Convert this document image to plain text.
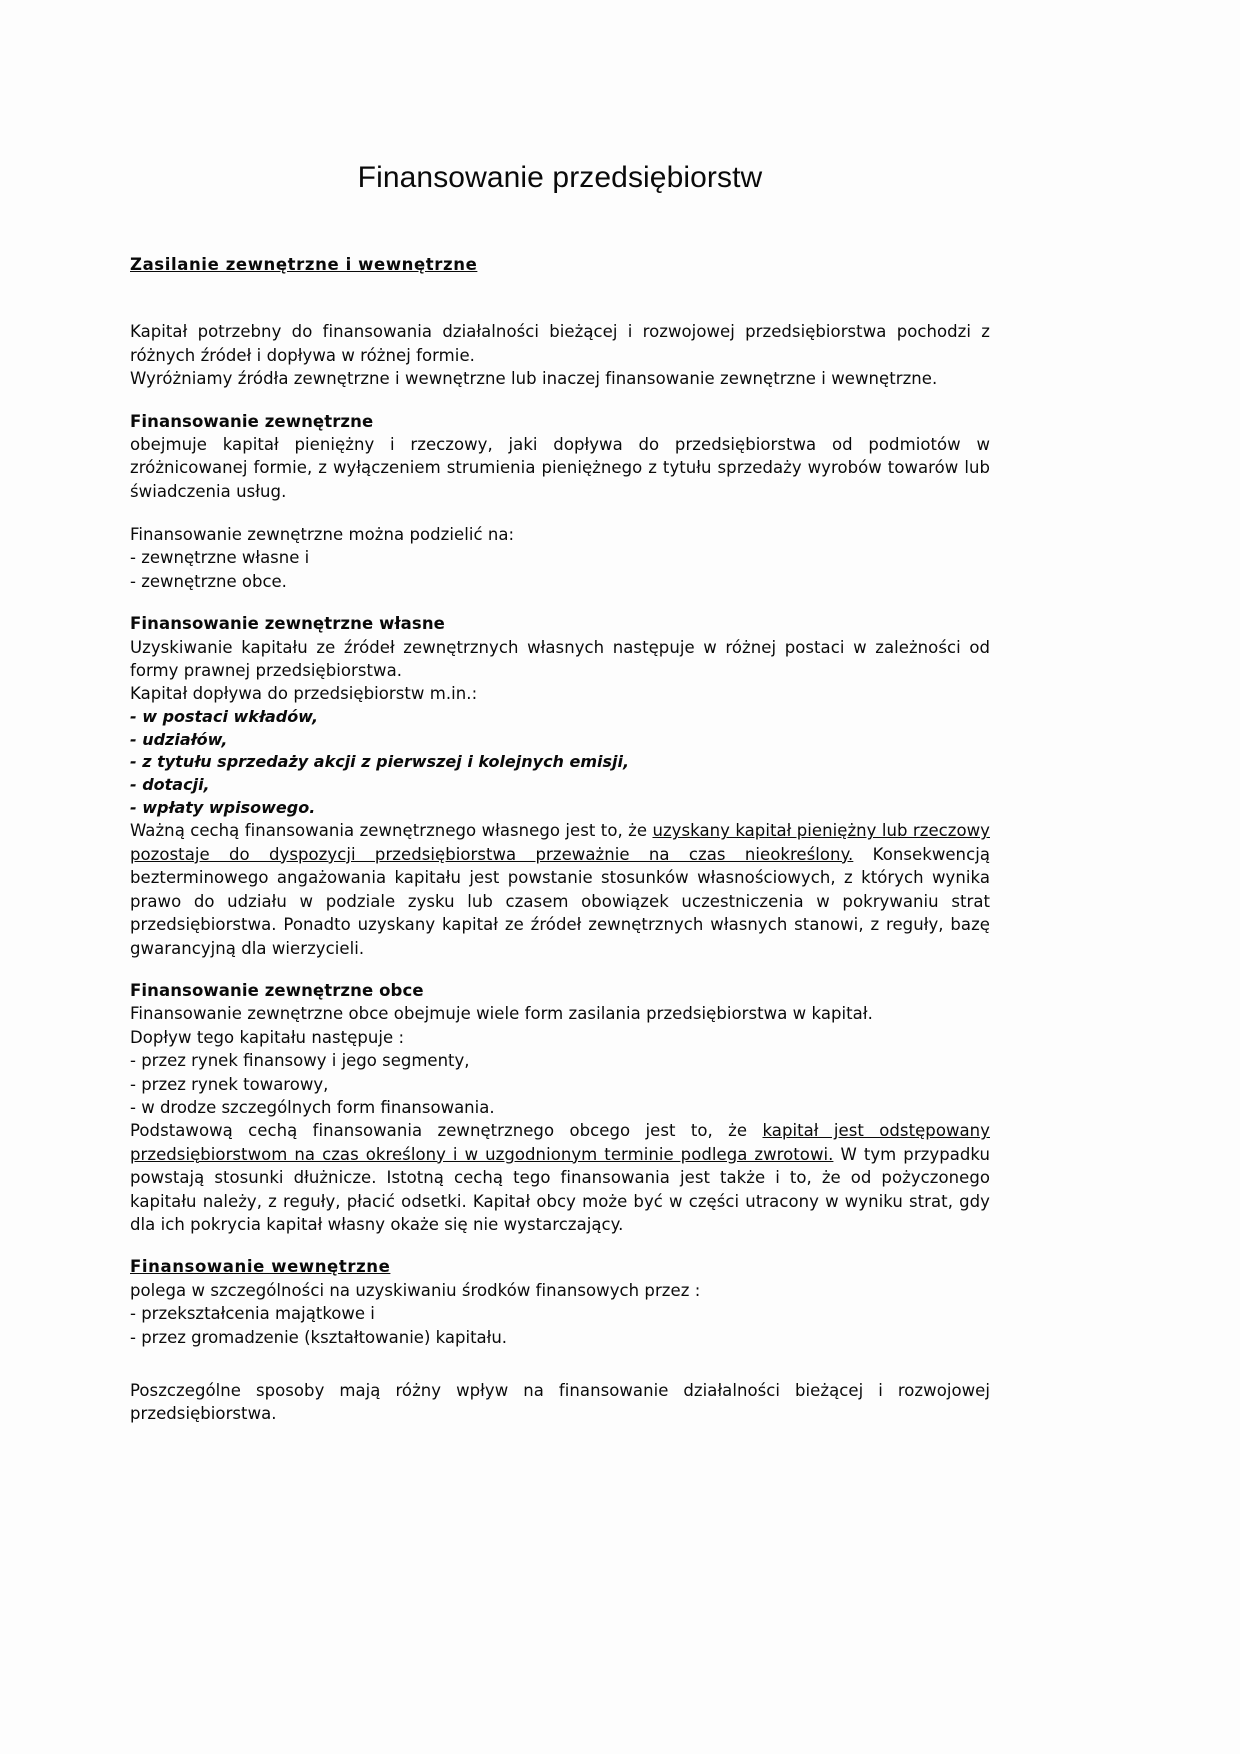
Finansowanie przedsiębiorstw
Zasilanie zewnętrzne i wewnętrzne

Kapitał potrzebny do finansowania działalności bieżącej i rozwojowej przedsiębiorstwa pochodzi z różnych źródeł i dopływa w różnej formie.

Wyróżniamy źródła zewnętrzne i wewnętrzne lub inaczej finansowanie zewnętrzne i wewnętrzne.

Finansowanie zewnętrzne

obejmuje kapitał pieniężny i rzeczowy, jaki dopływa do przedsiębiorstwa od podmiotów w zróżnicowanej formie, z wyłączeniem strumienia pieniężnego z tytułu sprzedaży wyrobów towarów lub świadczenia usług.

Finansowanie zewnętrzne można podzielić na:

- zewnętrzne własne i
- zewnętrzne obce.
Finansowanie zewnętrzne własne

Uzyskiwanie kapitału ze źródeł zewnętrznych własnych następuje w różnej postaci w zależności od formy prawnej przedsiębiorstwa.

Kapitał dopływa do przedsiębiorstw m.in.:

- w postaci wkładów,
- udziałów,
- z tytułu sprzedaży akcji z pierwszej i kolejnych emisji,
- dotacji,
- wpłaty wpisowego.

Ważną cechą finansowania zewnętrznego własnego jest to, że uzyskany kapitał pieniężny lub rzeczowy pozostaje do dyspozycji przedsiębiorstwa przeważnie na czas nieokreślony. Konsekwencją bezterminowego angażowania kapitału jest powstanie stosunków własnościowych, z których wynika prawo do udziału w podziale zysku lub czasem obowiązek uczestniczenia w pokrywaniu strat przedsiębiorstwa. Ponadto uzyskany kapitał ze źródeł zewnętrznych własnych stanowi, z reguły, bazę gwarancyjną dla wierzycieli.

Finansowanie zewnętrzne obce

Finansowanie zewnętrzne obce obejmuje wiele form zasilania przedsiębiorstwa w kapitał.

Dopływ tego kapitału następuje :

- przez rynek finansowy i jego segmenty,
- przez rynek towarowy,
- w drodze szczególnych form finansowania.

Podstawową cechą finansowania zewnętrznego obcego jest to, że kapitał jest odstępowany przedsiębiorstwom na czas określony i w uzgodnionym terminie podlega zwrotowi. W tym przypadku powstają stosunki dłużnicze. Istotną cechą tego finansowania jest także i to, że od pożyczonego kapitału należy, z reguły, płacić odsetki. Kapitał obcy może być w części utracony w wyniku strat, gdy dla ich pokrycia kapitał własny okaże się nie wystarczający.

Finansowanie wewnętrzne

polega w szczególności na uzyskiwaniu środków finansowych przez :

- przekształcenia majątkowe i
- przez gromadzenie (kształtowanie) kapitału.

Poszczególne sposoby mają różny wpływ na finansowanie działalności bieżącej i rozwojowej przedsiębiorstwa.
